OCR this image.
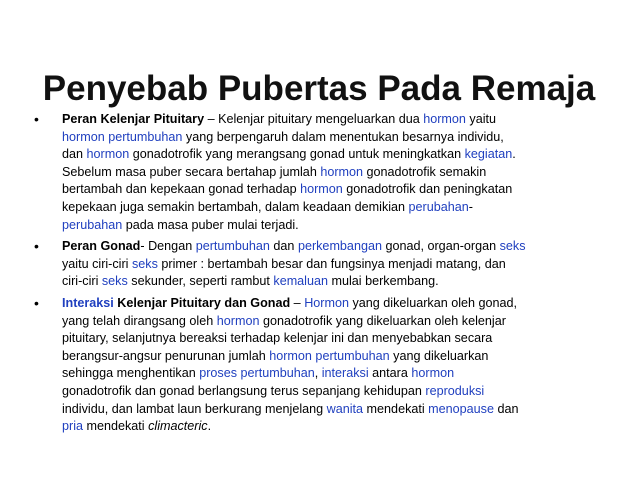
Penyebab Pubertas Pada Remaja
• Peran Kelenjar Pituitary – Kelenjar pituitary mengeluarkan dua hormon yaitu
hormon pertumbuhan yang berpengaruh dalam menentukan besarnya individu,
dan hormon gonadotrofik yang merangsang gonad untuk meningkatkan kegiatan.
Sebelum masa puber secara bertahap jumlah hormon gonadotrofik semakin
bertambah dan kepekaan gonad terhadap hormon gonadotrofik dan peningkatan
kepekaan juga semakin bertambah, dalam keadaan demikian perubahan-
perubahan pada masa puber mulai terjadi.
• Peran Gonad- Dengan pertumbuhan dan perkembangan gonad, organ-organ seks
yaitu ciri-ciri seks primer : bertambah besar dan fungsinya menjadi matang, dan
ciri-ciri seks sekunder, seperti rambut kemaluan mulai berkembang.
• Interaksi Kelenjar Pituitary dan Gonad – Hormon yang dikeluarkan oleh gonad,
yang telah dirangsang oleh hormon gonadotrofik yang dikeluarkan oleh kelenjar
pituitary, selanjutnya bereaksi terhadap kelenjar ini dan menyebabkan secara
berangsur-angsur penurunan jumlah hormon pertumbuhan yang dikeluarkan
sehingga menghentikan proses pertumbuhan, interaksi antara hormon
gonadotrofik dan gonad berlangsung terus sepanjang kehidupan reproduksi
individu, dan lambat laun berkurang menjelang wanita mendekati menopause dan
pria mendekati climacteric.
